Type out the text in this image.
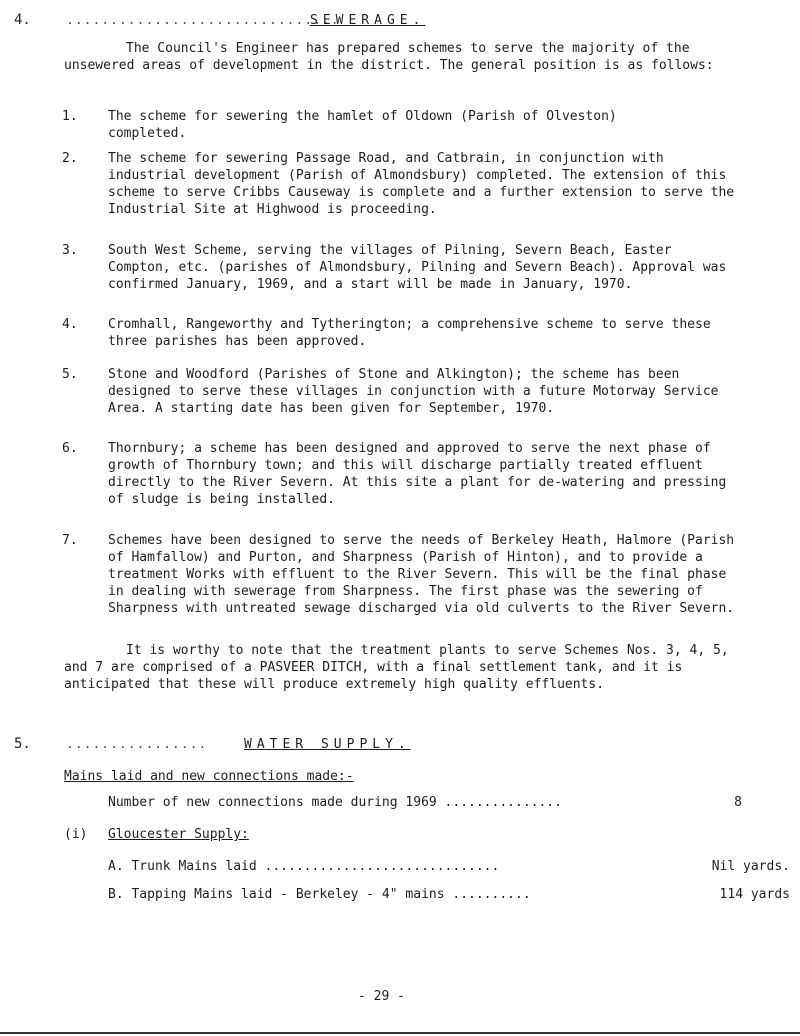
4.	...............................
SEWERAGE.
The Council's Engineer has prepared schemes to serve the majority of the unsewered areas of development in the district. The general position is as follows:
1. The scheme for sewering the hamlet of Oldown (Parish of Olveston) completed.
2. The scheme for sewering Passage Road, and Catbrain, in conjunction with industrial development (Parish of Almondsbury) completed. The extension of this scheme to serve Cribbs Causeway is complete and a further extension to serve the Industrial Site at Highwood is proceeding.
3. South West Scheme, serving the villages of Pilning, Severn Beach, Easter Compton, etc. (parishes of Almondsbury, Pilning and Severn Beach). Approval was confirmed January, 1969, and a start will be made in January, 1970.
4. Cromhall, Rangeworthy and Tytherington; a comprehensive scheme to serve these three parishes has been approved.
5. Stone and Woodford (Parishes of Stone and Alkington); the scheme has been designed to serve these villages in conjunction with a future Motorway Service Area. A starting date has been given for September, 1970.
6. Thornbury; a scheme has been designed and approved to serve the next phase of growth of Thornbury town; and this will discharge partially treated effluent directly to the River Severn. At this site a plant for de-watering and pressing of sludge is being installed.
7. Schemes have been designed to serve the needs of Berkeley Heath, Halmore (Parish of Hamfallow) and Purton, and Sharpness (Parish of Hinton), and to provide a treatment Works with effluent to the River Severn. This will be the final phase in dealing with sewerage from Sharpness. The first phase was the sewering of Sharpness with untreated sewage discharged via old culverts to the River Severn.
It is worthy to note that the treatment plants to serve Schemes Nos. 3, 4, 5, and 7 are comprised of a PASVEER DITCH, with a final settlement tank, and it is anticipated that these will produce extremely high quality effluents.
5.	................	WATER SUPPLY.
Mains laid and new connections made:-
Number of new connections made during 1969 ...............	8
(i) Gloucester Supply:
A. Trunk Mains laid ..............................	Nil yards.
B. Tapping Mains laid - Berkeley - 4" mains ..........	114 yards
- 29 -
